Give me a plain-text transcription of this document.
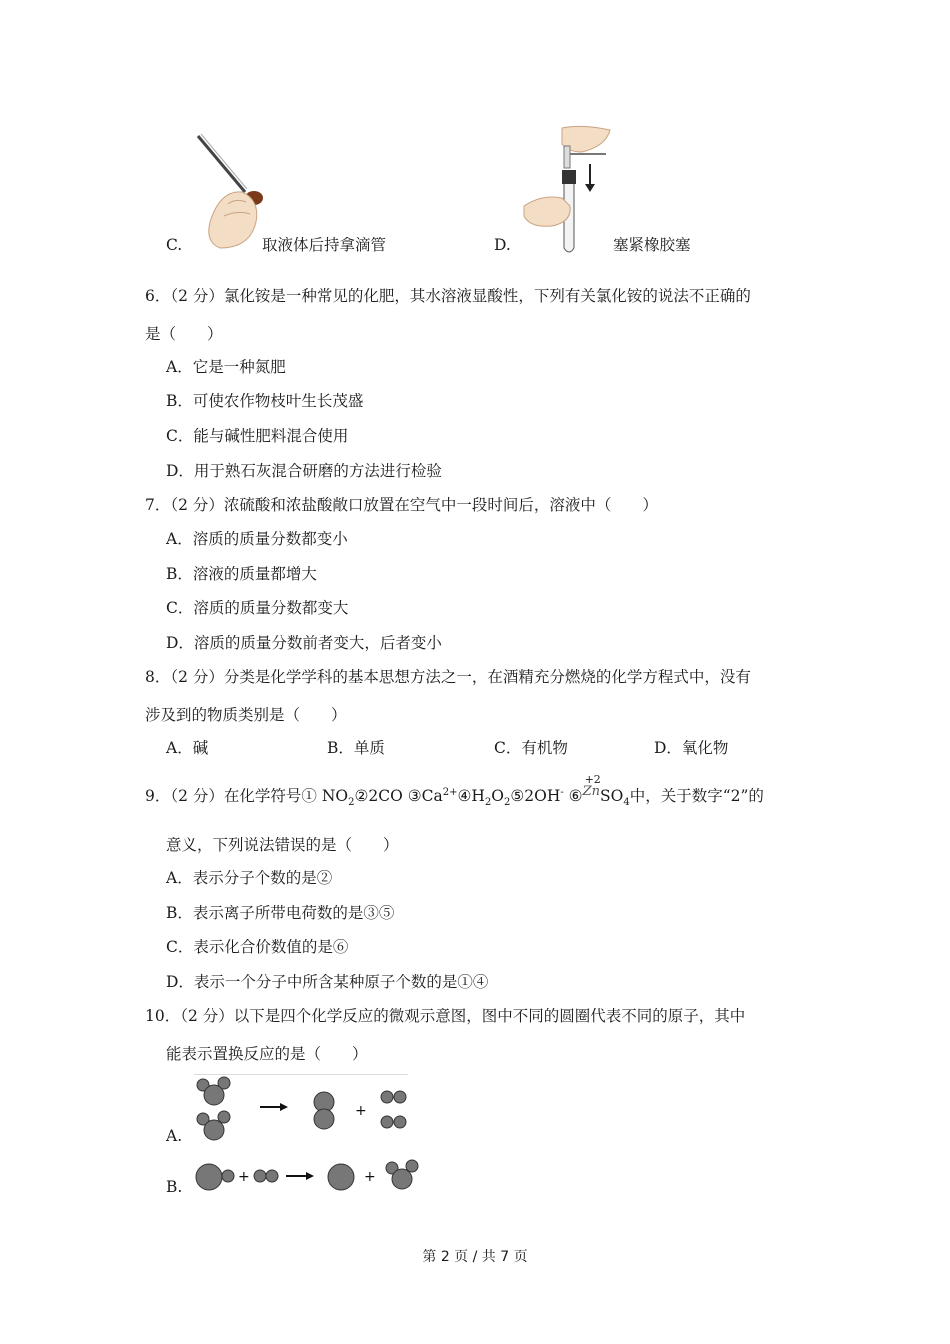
C.	取液体后持拿滴管	D.	塞紧橡胶塞
6．（2 分）氯化铵是一种常见的化肥，其水溶液显酸性，下列有关氯化铵的说法不正确的
是（　　）
A．它是一种氮肥
B．可使农作物枝叶生长茂盛
C．能与碱性肥料混合使用
D．用于熟石灰混合研磨的方法进行检验
7．（2 分）浓硫酸和浓盐酸敞口放置在空气中一段时间后，溶液中（　　）
A．溶质的质量分数都变小
B．溶液的质量都增大
C．溶质的质量分数都变大
D．溶质的质量分数前者变大，后者变小
8．（2 分）分类是化学学科的基本思想方法之一，在酒精充分燃烧的化学方程式中，没有
涉及到的物质类别是（　　）
A．碱	B．单质	C．有机物	D．氧化物
9．（2 分）在化学符号① $NO_2②2CO$ $③Ca^{2+}④H_2O_2⑤2OH^-$ ⑥$^{Zn}$
+2
$SO_4$中，关于数字“2”的
意义，下列说法错误的是（　　）
A．表示分子个数的是②
B．表示离子所带电荷数的是③⑤
C．表示化合价数值的是⑥
D．表示一个分子中所含某种原子个数的是①④
10．（2 分）以下是四个化学反应的微观示意图，图中不同的圆圈代表不同的原子，其中
能表示置换反应的是（　　）
+
A.
+	+
B.
第 2 页 / 共 7 页
